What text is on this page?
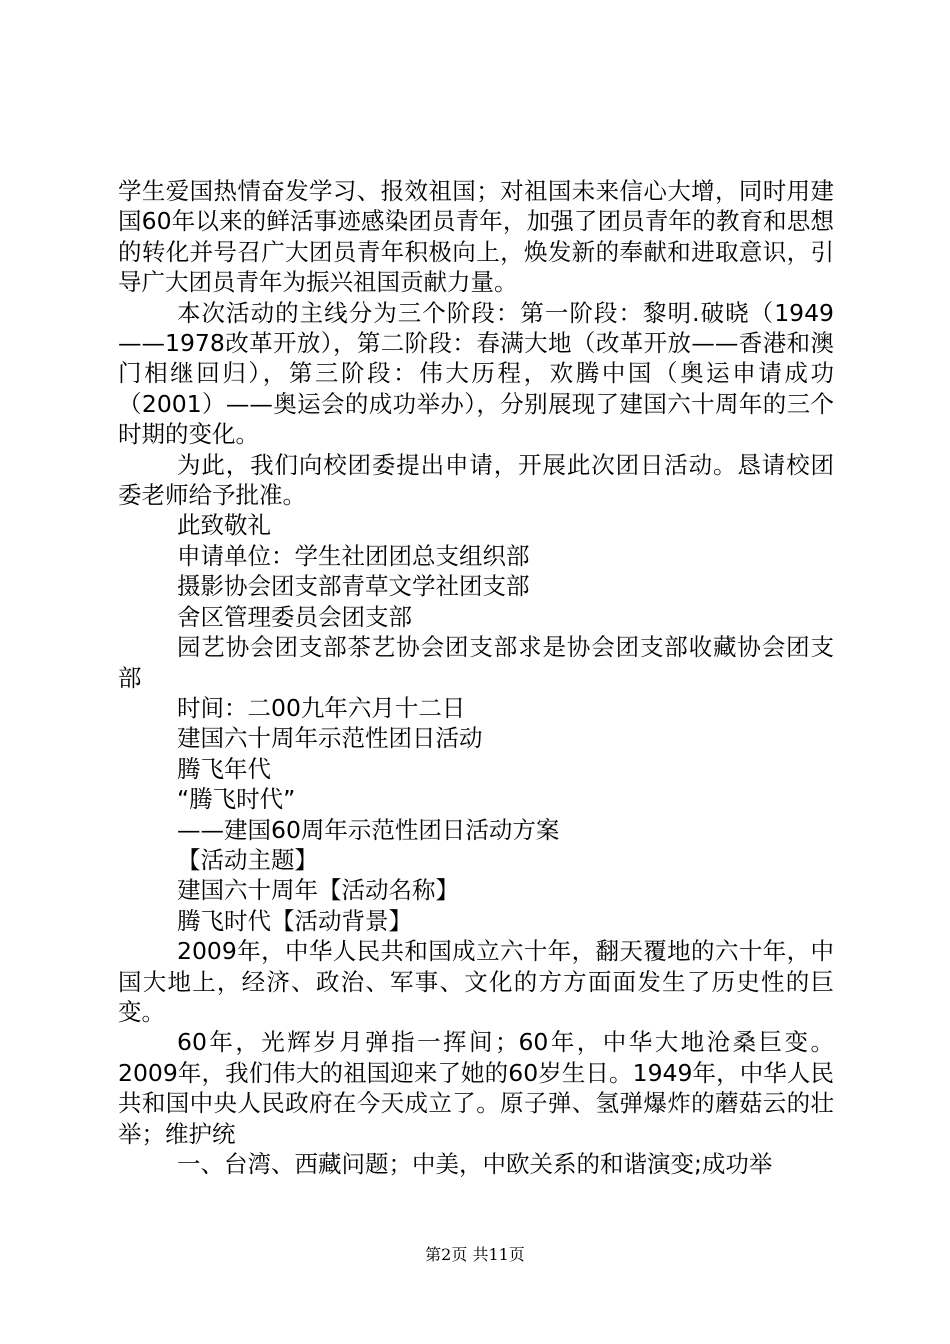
学生爱国热情奋发学习、报效祖国；对祖国未来信心大增，同时用建国60年以来的鲜活事迹感染团员青年，加强了团员青年的教育和思想的转化并号召广大团员青年积极向上，焕发新的奉献和进取意识，引导广大团员青年为振兴祖国贡献力量。

本次活动的主线分为三个阶段：第一阶段：黎明.破晓（1949——1978改革开放），第二阶段：春满大地（改革开放——香港和澳门相继回归），第三阶段：伟大历程，欢腾中国（奥运申请成功（2001）——奥运会的成功举办），分别展现了建国六十周年的三个时期的变化。

为此，我们向校团委提出申请，开展此次团日活动。恳请校团委老师给予批准。

此致敬礼

申请单位：学生社团团总支组织部

摄影协会团支部青草文学社团支部

舍区管理委员会团支部

园艺协会团支部茶艺协会团支部求是协会团支部收藏协会团支部

时间：二00九年六月十二日

建国六十周年示范性团日活动

腾飞年代

“腾飞时代”

——建国60周年示范性团日活动方案

【活动主题】

建国六十周年【活动名称】

腾飞时代【活动背景】

2009年，中华人民共和国成立六十年，翻天覆地的六十年，中国大地上，经济、政治、军事、文化的方方面面发生了历史性的巨变。

60年，光辉岁月弹指一挥间；60年，中华大地沧桑巨变。2009年，我们伟大的祖国迎来了她的60岁生日。1949年，中华人民共和国中央人民政府在今天成立了。原子弹、氢弹爆炸的蘑菇云的壮举；维护统

一、台湾、西藏问题；中美，中欧关系的和谐演变;成功举

第2页 共11页
